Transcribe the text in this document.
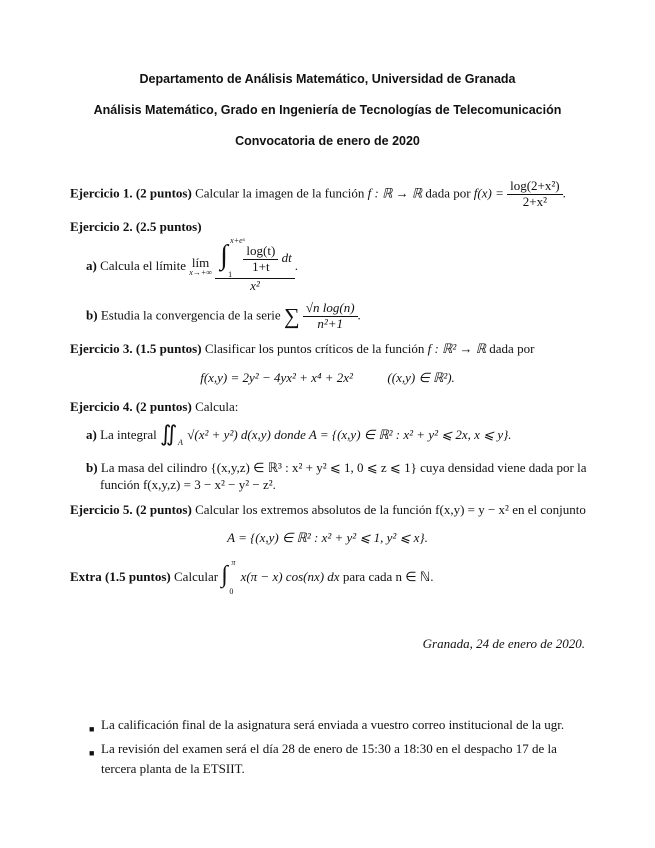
Departamento de Análisis Matemático, Universidad de Granada
Análisis Matemático, Grado en Ingeniería de Tecnologías de Telecomunicación
Convocatoria de enero de 2020
Ejercicio 1. (2 puntos) Calcular la imagen de la función f : ℝ → ℝ dada por $f(x) = \frac{\text{log(2+x²)}}{\text{2+x²}}$ .
Ejercicio 2. (2.5 puntos)
a) Calcula el límite lím
x→+∞

∫ x+eˣ
1

$\frac{\log(t)}{1+t}$ dt
x²
.
b) Estudia la convergencia de la serie ∑ $\frac{\text{√n log(n)}}{\text{n²+1}}$ .
Ejercicio 3. (1.5 puntos) Clasificar los puntos críticos de la función f : ℝ² → ℝ dada por
f(x,y) = 2y² − 4yx² + x⁴ + 2x²	((x,y) ∈ ℝ²).
Ejercicio 4. (2 puntos) Calcula:
a) La integral ∬ A
√(x² + y²) d(x,y) donde A = {(x,y) ∈ ℝ² : x² + y² ⩽ 2x, x ⩽ y}.
b) La masa del cilindro {(x,y,z) ∈ ℝ³ : x² + y² ⩽ 1, 0 ⩽ z ⩽ 1} cuya densidad viene dada por la
función f(x,y,z) = 3 − x² − y² − z².
Ejercicio 5. (2 puntos) Calcular los extremos absolutos de la función f(x,y) = y − x² en el conjunto
A = {(x,y) ∈ ℝ² : x² + y² ⩽ 1, y² ⩽ x}.
Extra (1.5 puntos) Calcular ∫ π
0
x(π − x) cos(nx) dx para cada n ∈ ℕ.
Granada, 24 de enero de 2020.
■ La calificación final de la asignatura será enviada a vuestro correo institucional de la ugr.
■ La revisión del examen será el día 28 de enero de 15:30 a 18:30 en el despacho 17 de la tercera planta de la ETSIIT.
